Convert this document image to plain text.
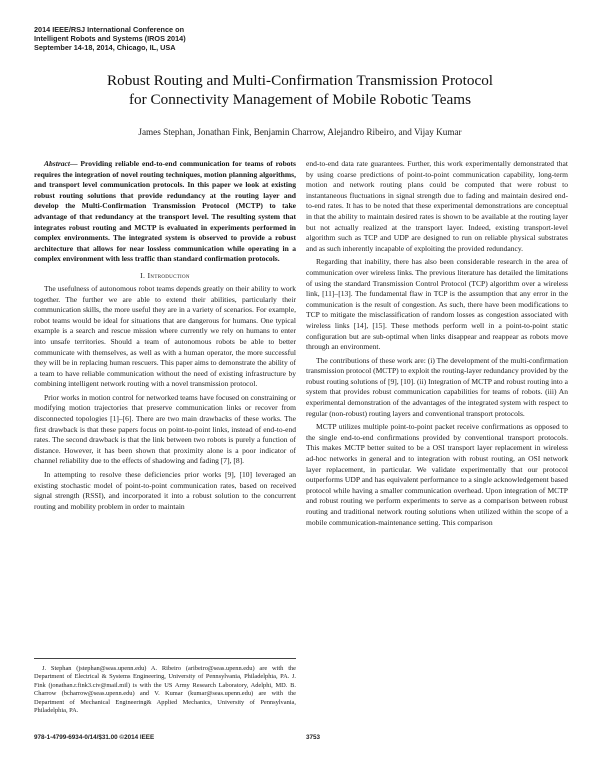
2014 IEEE/RSJ International Conference on
Intelligent Robots and Systems (IROS 2014)
September 14-18, 2014, Chicago, IL, USA
Robust Routing and Multi-Confirmation Transmission Protocol
for Connectivity Management of Mobile Robotic Teams
James Stephan, Jonathan Fink, Benjamin Charrow, Alejandro Ribeiro, and Vijay Kumar

Abstract— Providing reliable end-to-end communication for teams of robots requires the integration of novel routing techniques, motion planning algorithms, and transport level communication protocols. In this paper we look at existing robust routing solutions that provide redundancy at the routing layer and develop the Multi-Confirmation Transmission Protocol (MCTP) to take advantage of that redundancy at the transport level. The resulting system that integrates robust routing and MCTP is evaluated in experiments performed in complex environments. The integrated system is observed to provide a robust architecture that allows for near lossless communication while operating in a complex environment with less traffic than standard confirmation protocols.

I. Introduction

The usefulness of autonomous robot teams depends greatly on their ability to work together. The further we are able to extend their abilities, particularly their communication skills, the more useful they are in a variety of scenarios. For example, robot teams would be ideal for situations that are dangerous for humans. One typical example is a search and rescue mission where currently we rely on humans to enter into unsafe territories. Should a team of autonomous robots be able to better communicate with themselves, as well as with a human operator, the more successful they will be in replacing human rescuers. This paper aims to demonstrate the ability of a team to have reliable communication without the need of existing infrastructure by combining intelligent network routing with a novel transmission protocol.

Prior works in motion control for networked teams have focused on constraining or modifying motion trajectories that preserve communication links or recover from disconnected topologies [1]–[6]. There are two main drawbacks of these works. The first drawback is that these papers focus on point-to-point links, instead of end-to-end rates. The second drawback is that the link between two robots is purely a function of distance. However, it has been shown that proximity alone is a poor indicator of channel reliability due to the effects of shadowing and fading [7], [8].

In attempting to resolve these deficiencies prior works [9], [10] leveraged an existing stochastic model of point-to-point communication rates, based on received signal strength (RSSI), and incorporated it into a robust solution to the concurrent routing and mobility problem in order to maintain

end-to-end data rate guarantees. Further, this work experimentally demonstrated that by using coarse predictions of point-to-point communication capability, long-term motion and network routing plans could be computed that were robust to instantaneous fluctuations in signal strength due to fading and maintain desired end-to-end rates. It has to be noted that these experimental demonstrations are conceptual in that the ability to maintain desired rates is shown to be available at the routing layer but not actually realized at the transport layer. Indeed, existing transport-level algorithm such as TCP and UDP are designed to run on reliable physical substrates and as such inherently incapable of exploiting the provided redundancy.

Regarding that inability, there has also been considerable research in the area of communication over wireless links. The previous literature has detailed the limitations of using the standard Transmission Control Protocol (TCP) algorithm over a wireless link, [11]–[13]. The fundamental flaw in TCP is the assumption that any error in the communication is the result of congestion. As such, there have been modifications to TCP to mitigate the misclassification of random losses as congestion associated with wireless links [14], [15]. These methods perform well in a point-to-point static configuration but are sub-optimal when links disappear and reappear as robots move through an environment.

The contributions of these work are: (i) The development of the multi-confirmation transmission protocol (MCTP) to exploit the routing-layer redundancy provided by the robust routing solutions of [9], [10]. (ii) Integration of MCTP and robust routing into a system that provides robust communication capabilities for teams of robots. (iii) An experimental demonstration of the advantages of the integrated system with respect to regular (non-robust) routing layers and conventional transport protocols.

MCTP utilizes multiple point-to-point packet receive confirmations as opposed to the single end-to-end confirmations provided by conventional transport protocols. This makes MCTP better suited to be a OSI transport layer replacement in wireless ad-hoc networks in general and to integration with robust routing, an OSI network layer replacement, in particular. We validate experimentally that our protocol outperforms UDP and has equivalent performance to a single acknowledgement based protocol while having a smaller communication overhead. Upon integration of MCTP and robust routing we perform experiments to serve as a comparison between robust routing and traditional network routing solutions when utilized within the scope of a mobile communication-maintenance setting. This comparison

J. Stephan (jstephan@seas.upenn.edu) A. Ribeiro (aribeiro@seas.upenn.edu) are with the Department of Electrical & Systems Engineering, University of Pennsylvania, Philadelphia, PA. J. Fink (jonathan.r.fink3.civ@mail.mil) is with the US Army Research Laboratory, Adelphi, MD. B. Charrow (bcharrow@seas.upenn.edu) and V. Kumar (kumar@seas.upenn.edu) are with the Department of Mechanical Engineering& Applied Mechanics, University of Pennsylvania, Philadelphia, PA.

978-1-4799-6934-0/14/$31.00 ©2014 IEEE	3753
